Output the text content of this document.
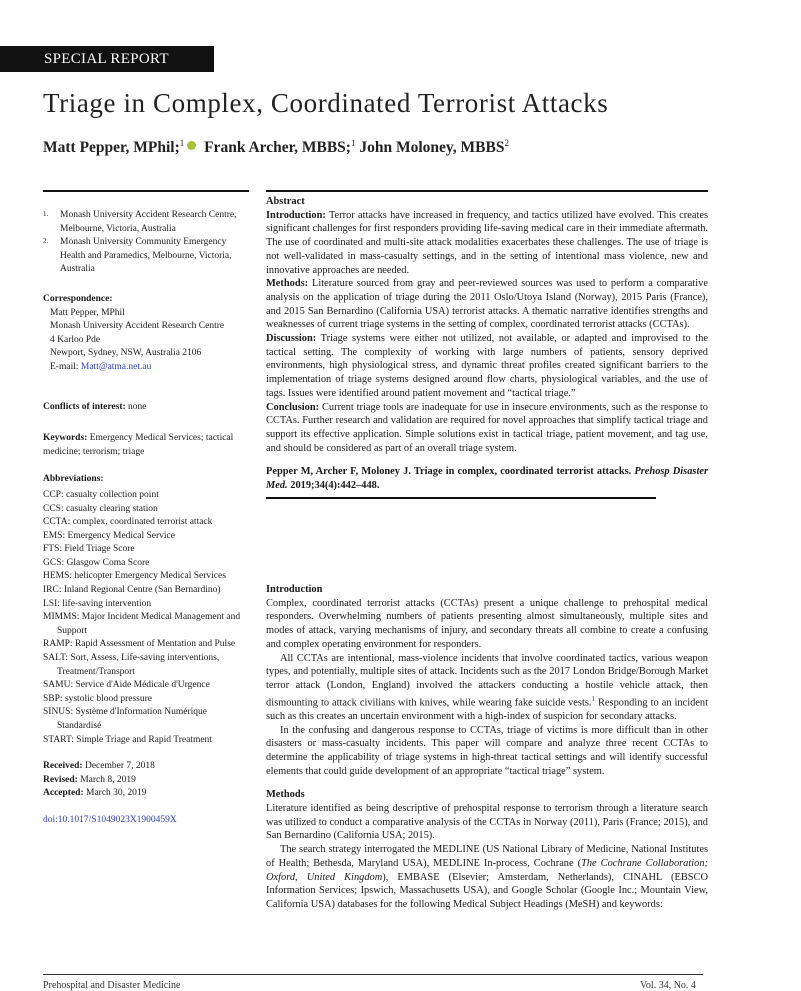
SPECIAL REPORT
Triage in Complex, Coordinated Terrorist Attacks
Matt Pepper, MPhil;$^1$ Frank Archer, MBBS;$^1$ John Moloney, MBBS$^2$
1.	Monash University Accident Research Centre, Melbourne, Victoria, Australia
2.	Monash University Community Emergency Health and Paramedics, Melbourne, Victoria, Australia
Correspondence:
Matt Pepper, MPhil
Monash University Accident Research Centre
4 Karloo Pde
Newport, Sydney, NSW, Australia 2106
E-mail: Matt@atma.net.au
Conflicts of interest: none
Keywords: Emergency Medical Services; tactical medicine; terrorism; triage
Abbreviations:
CCP: casualty collection point
CCS: casualty clearing station
CCTA: complex, coordinated terrorist attack
EMS: Emergency Medical Service
FTS: Field Triage Score
GCS: Glasgow Coma Score
HEMS: helicopter Emergency Medical Services
IRC: Inland Regional Centre (San Bernardino)
LSI: life-saving intervention
MIMMS: Major Incident Medical Management and Support
RAMP: Rapid Assessment of Mentation and Pulse
SALT: Sort, Assess, Life-saving interventions, Treatment/Transport
SAMU: Service d'Aide Médicale d'Urgence
SBP: systolic blood pressure
SINUS: Système d'Information Numérique Standardisé
START: Simple Triage and Rapid Treatment
Received: December 7, 2018
Revised: March 8, 2019
Accepted: March 30, 2019
doi:10.1017/S1049023X1900459X
Abstract

Introduction: Terror attacks have increased in frequency, and tactics utilized have evolved. This creates significant challenges for first responders providing life-saving medical care in their immediate aftermath. The use of coordinated and multi-site attack modalities exacerbates these challenges. The use of triage is not well-validated in mass-casualty settings, and in the setting of intentional mass violence, new and innovative approaches are needed.

Methods: Literature sourced from gray and peer-reviewed sources was used to perform a comparative analysis on the application of triage during the 2011 Oslo/Utoya Island (Norway), 2015 Paris (France), and 2015 San Bernardino (California USA) terrorist attacks. A thematic narrative identifies strengths and weaknesses of current triage systems in the setting of complex, coordinated terrorist attacks (CCTAs).

Discussion: Triage systems were either not utilized, not available, or adapted and improvised to the tactical setting. The complexity of working with large numbers of patients, sensory deprived environments, high physiological stress, and dynamic threat profiles created significant barriers to the implementation of triage systems designed around flow charts, physiological variables, and the use of tags. Issues were identified around patient movement and “tactical triage.”

Conclusion: Current triage tools are inadequate for use in insecure environments, such as the response to CCTAs. Further research and validation are required for novel approaches that simplify tactical triage and support its effective application. Simple solutions exist in tactical triage, patient movement, and tag use, and should be considered as part of an overall triage system.

Pepper M, Archer F, Moloney J. Triage in complex, coordinated terrorist attacks. Prehosp Disaster Med. 2019;34(4):442–448.
Introduction

Complex, coordinated terrorist attacks (CCTAs) present a unique challenge to prehospital medical responders. Overwhelming numbers of patients presenting almost simultaneously, multiple sites and modes of attack, varying mechanisms of injury, and secondary threats all combine to create a confusing and complex operating environment for responders.

All CCTAs are intentional, mass-violence incidents that involve coordinated tactics, various weapon types, and potentially, multiple sites of attack. Incidents such as the 2017 London Bridge/Borough Market terror attack (London, England) involved the attackers conducting a hostile vehicle attack, then dismounting to attack civilians with knives, while wearing fake suicide vests.$^1$ Responding to an incident such as this creates an uncertain environment with a high-index of suspicion for secondary attacks.

In the confusing and dangerous response to CCTAs, triage of victims is more difficult than in other disasters or mass-casualty incidents. This paper will compare and analyze three recent CCTAs to determine the applicability of triage systems in high-threat tactical settings and will identify successful elements that could guide development of an appropriate “tactical triage” system.

Methods

Literature identified as being descriptive of prehospital response to terrorism through a literature search was utilized to conduct a comparative analysis of the CCTAs in Norway (2011), Paris (France; 2015), and San Bernardino (California USA; 2015).

The search strategy interrogated the MEDLINE (US National Library of Medicine, National Institutes of Health; Bethesda, Maryland USA), MEDLINE In-process, Cochrane (The Cochrane Collaboration; Oxford, United Kingdom), EMBASE (Elsevier; Amsterdam, Netherlands), CINAHL (EBSCO Information Services; Ipswich, Massachusetts USA), and Google Scholar (Google Inc.; Mountain View, California USA) databases for the following Medical Subject Headings (MeSH) and keywords:

Prehospital and Disaster Medicine	Vol. 34, No. 4
